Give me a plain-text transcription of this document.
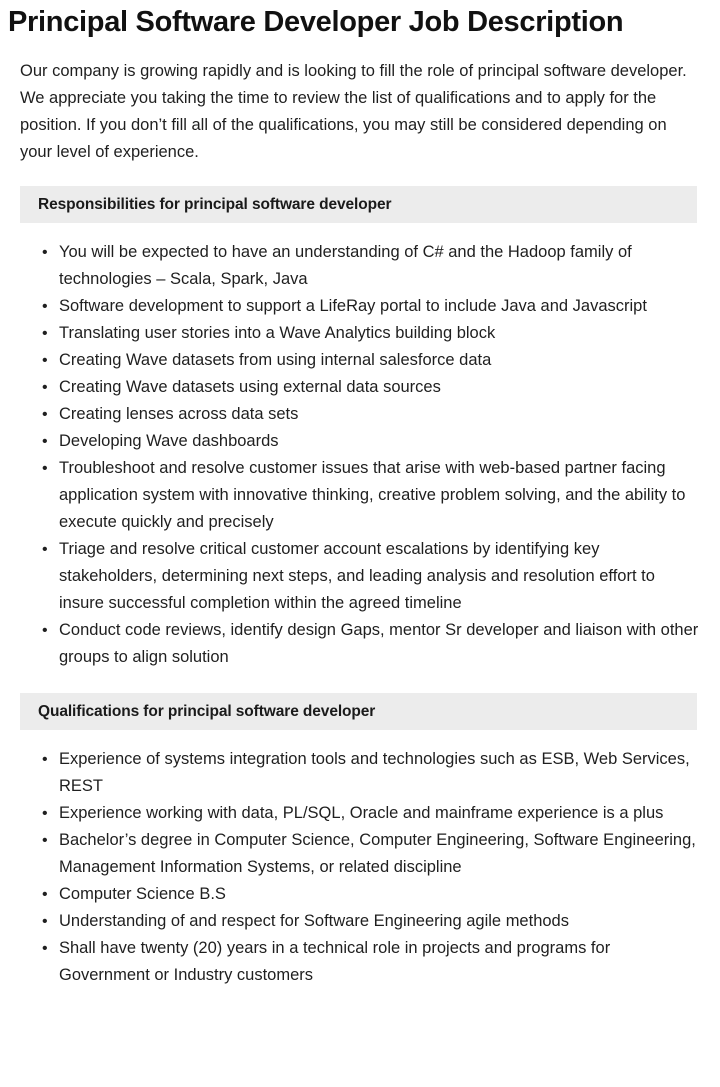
Principal Software Developer Job Description

Our company is growing rapidly and is looking to fill the role of principal software developer. We appreciate you taking the time to review the list of qualifications and to apply for the position. If you don’t fill all of the qualifications, you may still be considered depending on your level of experience.

Responsibilities for principal software developer
• You will be expected to have an understanding of C# and the Hadoop family of technologies – Scala, Spark, Java
• Software development to support a LifeRay portal to include Java and Javascript
• Translating user stories into a Wave Analytics building block
• Creating Wave datasets from using internal salesforce data
• Creating Wave datasets using external data sources
• Creating lenses across data sets
• Developing Wave dashboards
• Troubleshoot and resolve customer issues that arise with web-based partner facing application system with innovative thinking, creative problem solving, and the ability to execute quickly and precisely
• Triage and resolve critical customer account escalations by identifying key stakeholders, determining next steps, and leading analysis and resolution effort to insure successful completion within the agreed timeline
• Conduct code reviews, identify design Gaps, mentor Sr developer and liaison with other groups to align solution
Qualifications for principal software developer
• Experience of systems integration tools and technologies such as ESB, Web Services, REST
• Experience working with data, PL/SQL, Oracle and mainframe experience is a plus
• Bachelor’s degree in Computer Science, Computer Engineering, Software Engineering, Management Information Systems, or related discipline
• Computer Science B.S
• Understanding of and respect for Software Engineering agile methods
• Shall have twenty (20) years in a technical role in projects and programs for Government or Industry customers
